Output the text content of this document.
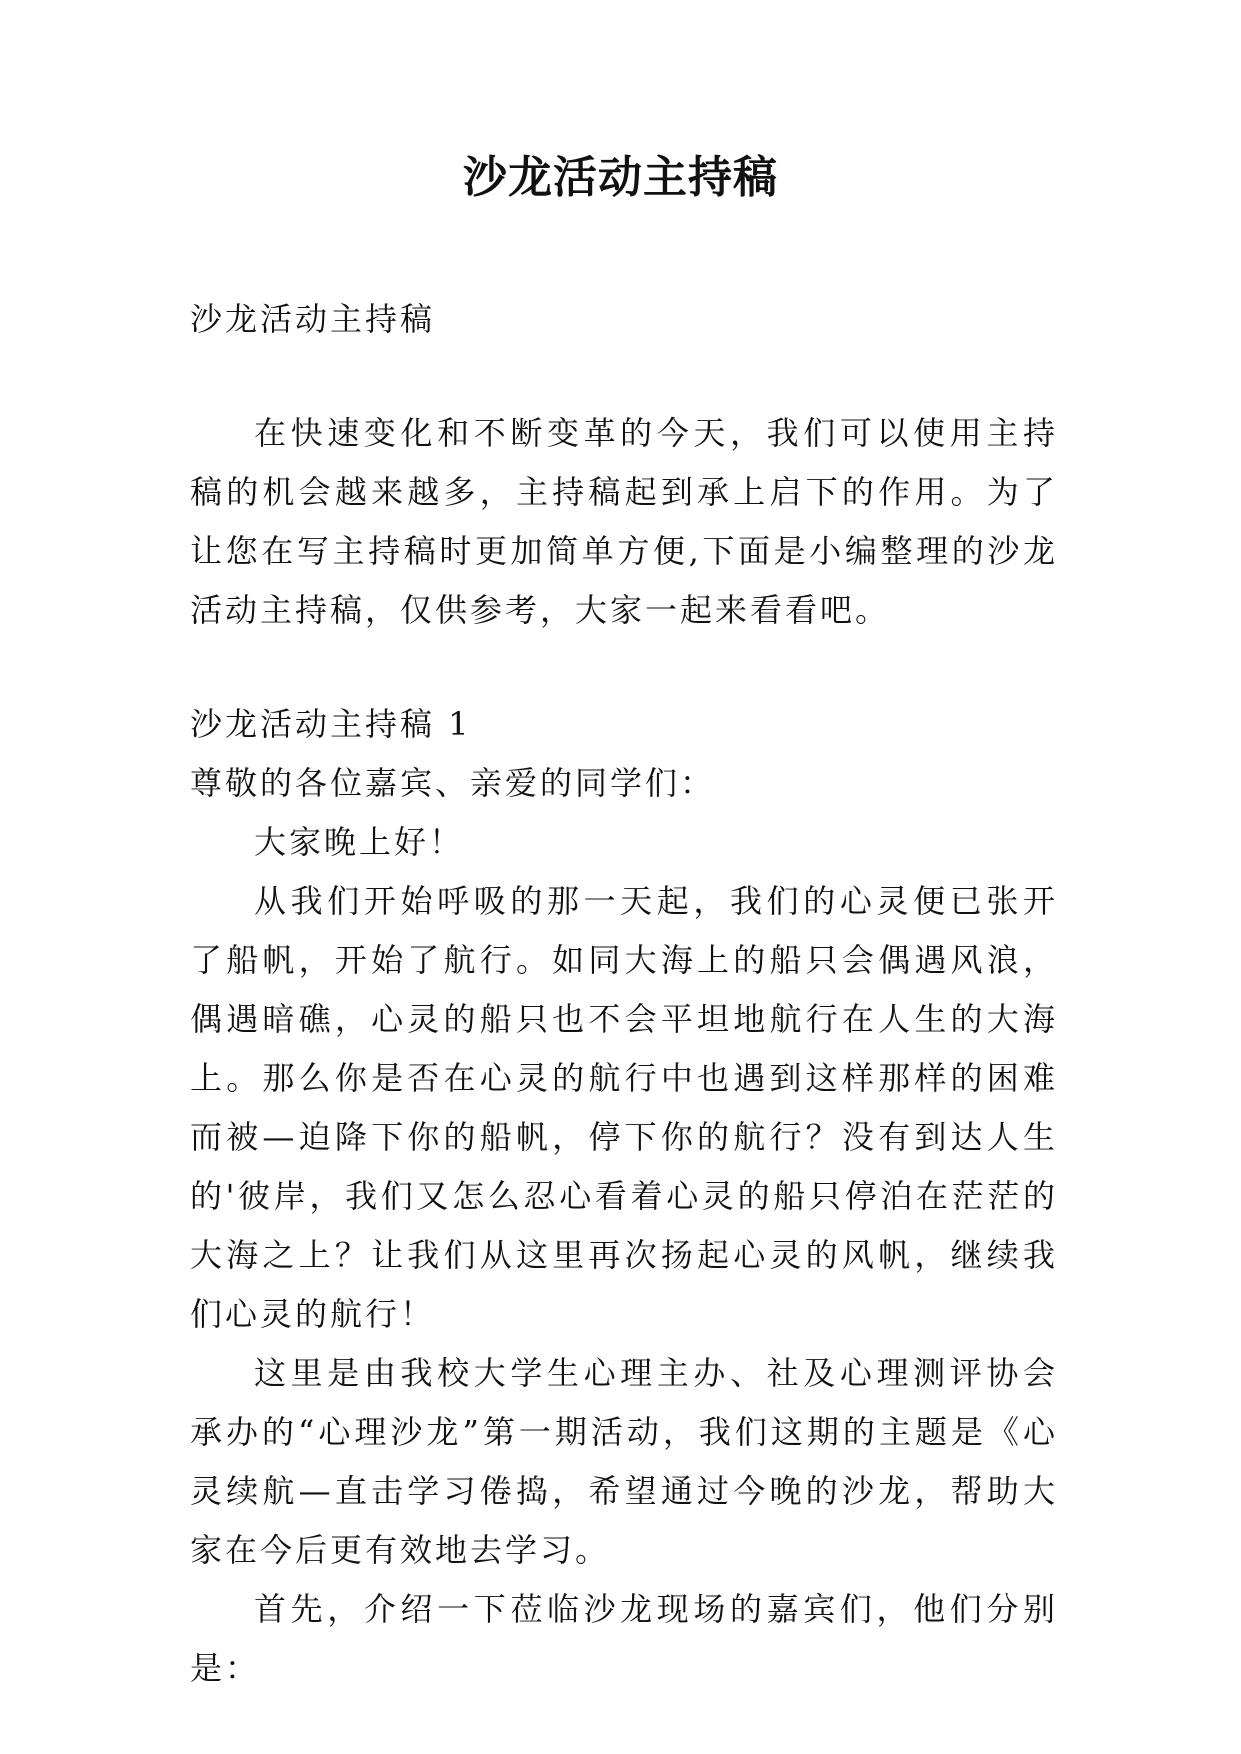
沙龙活动主持稿

沙龙活动主持稿

在快速变化和不断变革的今天，我们可以使用主持稿的机会越来越多，主持稿起到承上启下的作用。为了让您在写主持稿时更加简单方便,下面是小编整理的沙龙活动主持稿，仅供参考，大家一起来看看吧。

沙龙活动主持稿 1

尊敬的各位嘉宾、亲爱的同学们：

大家晚上好！

从我们开始呼吸的那一天起，我们的心灵便已张开了船帆，开始了航行。如同大海上的船只会偶遇风浪，偶遇暗礁，心灵的船只也不会平坦地航行在人生的大海上。那么你是否在心灵的航行中也遇到这样那样的困难而被—迫降下你的船帆，停下你的航行？没有到达人生的'彼岸，我们又怎么忍心看着心灵的船只停泊在茫茫的大海之上？让我们从这里再次扬起心灵的风帆，继续我们心灵的航行！

这里是由我校大学生心理主办、社及心理测评协会承办的“心理沙龙”第一期活动，我们这期的主题是《心灵续航—直击学习倦捣，希望通过今晚的沙龙，帮助大家在今后更有效地去学习。

首先，介绍一下莅临沙龙现场的嘉宾们，他们分别是：
